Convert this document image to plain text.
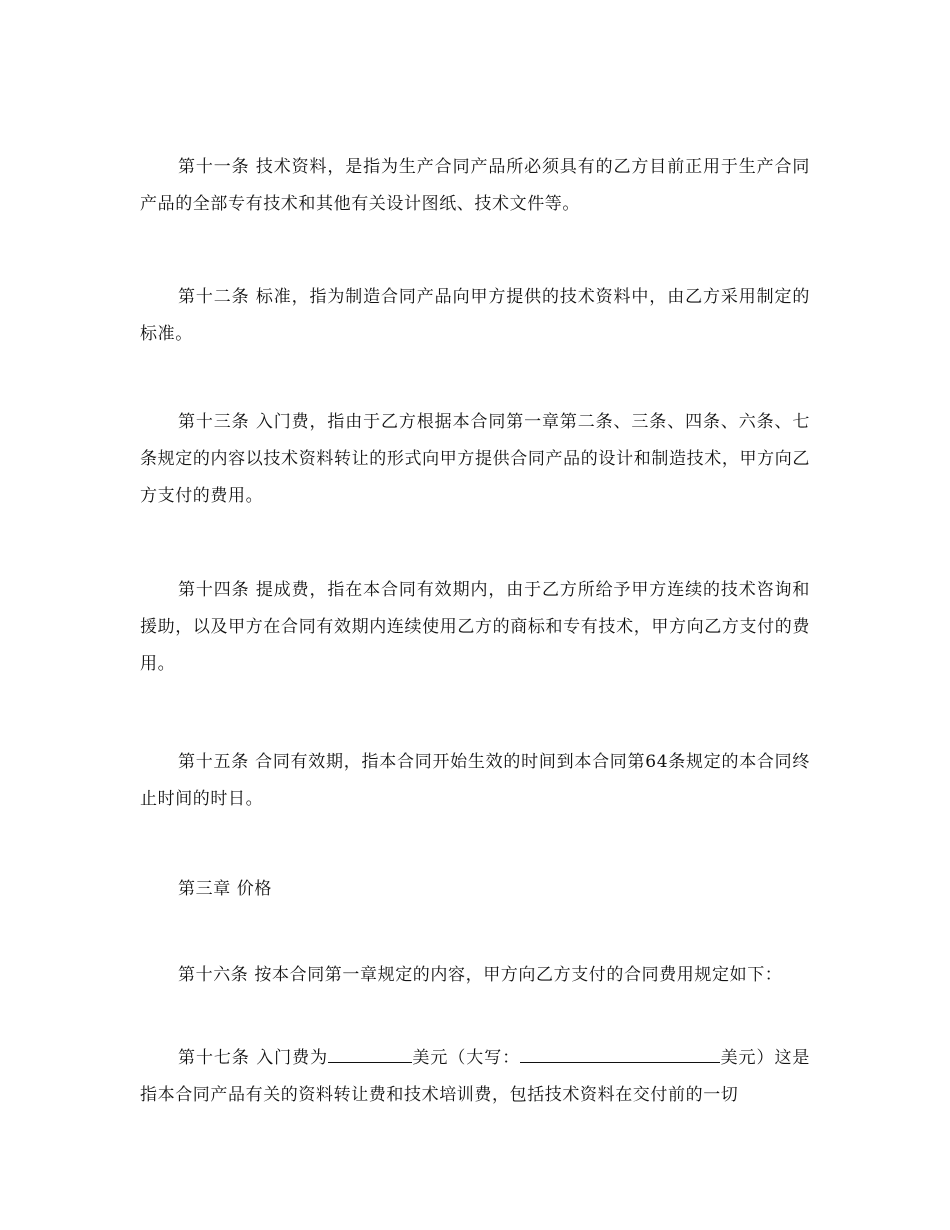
第十一条 技术资料，是指为生产合同产品所必须具有的乙方目前正用于生产合同产品的全部专有技术和其他有关设计图纸、技术文件等。

第十二条 标准，指为制造合同产品向甲方提供的技术资料中，由乙方采用制定的标准。

第十三条 入门费，指由于乙方根据本合同第一章第二条、三条、四条、六条、七条规定的内容以技术资料转让的形式向甲方提供合同产品的设计和制造技术，甲方向乙方支付的费用。

第十四条 提成费，指在本合同有效期内，由于乙方所给予甲方连续的技术咨询和援助，以及甲方在合同有效期内连续使用乙方的商标和专有技术，甲方向乙方支付的费用。

第十五条 合同有效期，指本合同开始生效的时间到本合同第64条规定的本合同终止时间的时日。

第三章 价格

第十六条 按本合同第一章规定的内容，甲方向乙方支付的合同费用规定如下：

第十七条 入门费为	美元（大写：	美元）这是指本合同产品有关的资料转让费和技术培训费，包括技术资料在交付前的一切
